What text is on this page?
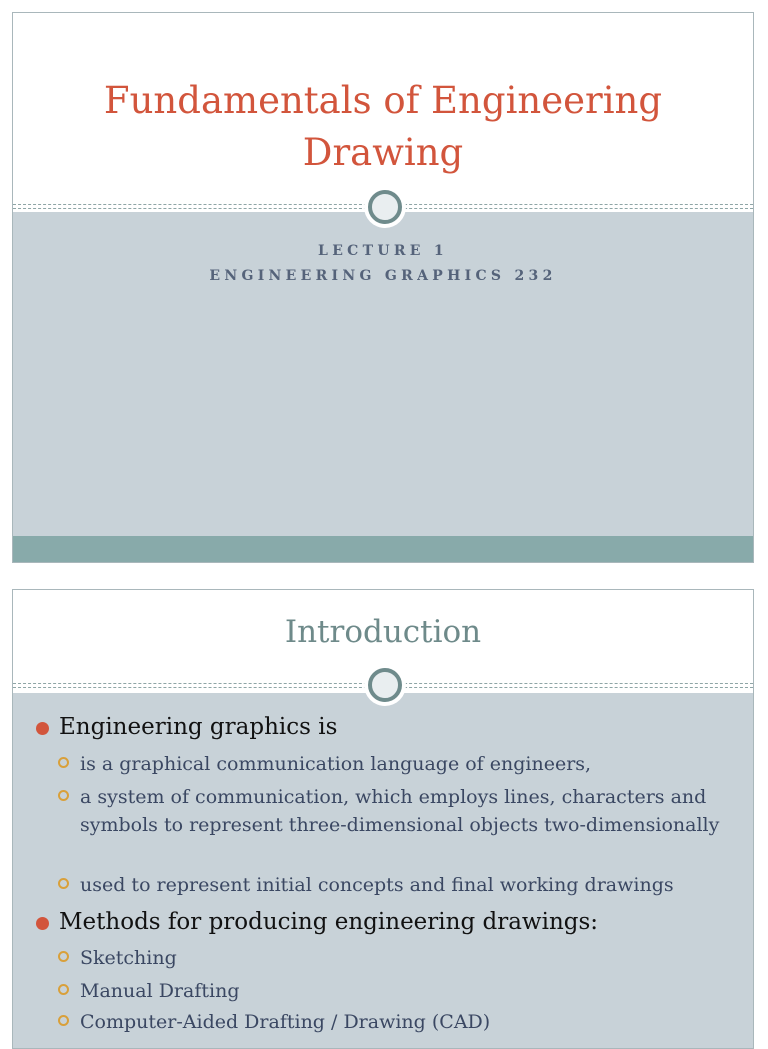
Fundamentals of Engineering Drawing
LECTURE 1
ENGINEERING GRAPHICS 232
Introduction
Engineering graphics is
is a graphical communication language of engineers,
a system of communication, which employs lines, characters and symbols to represent three-dimensional objects two-dimensionally
used to represent initial concepts and final working drawings
Methods for producing engineering drawings:
Sketching
Manual Drafting
Computer-Aided Drafting / Drawing (CAD)
